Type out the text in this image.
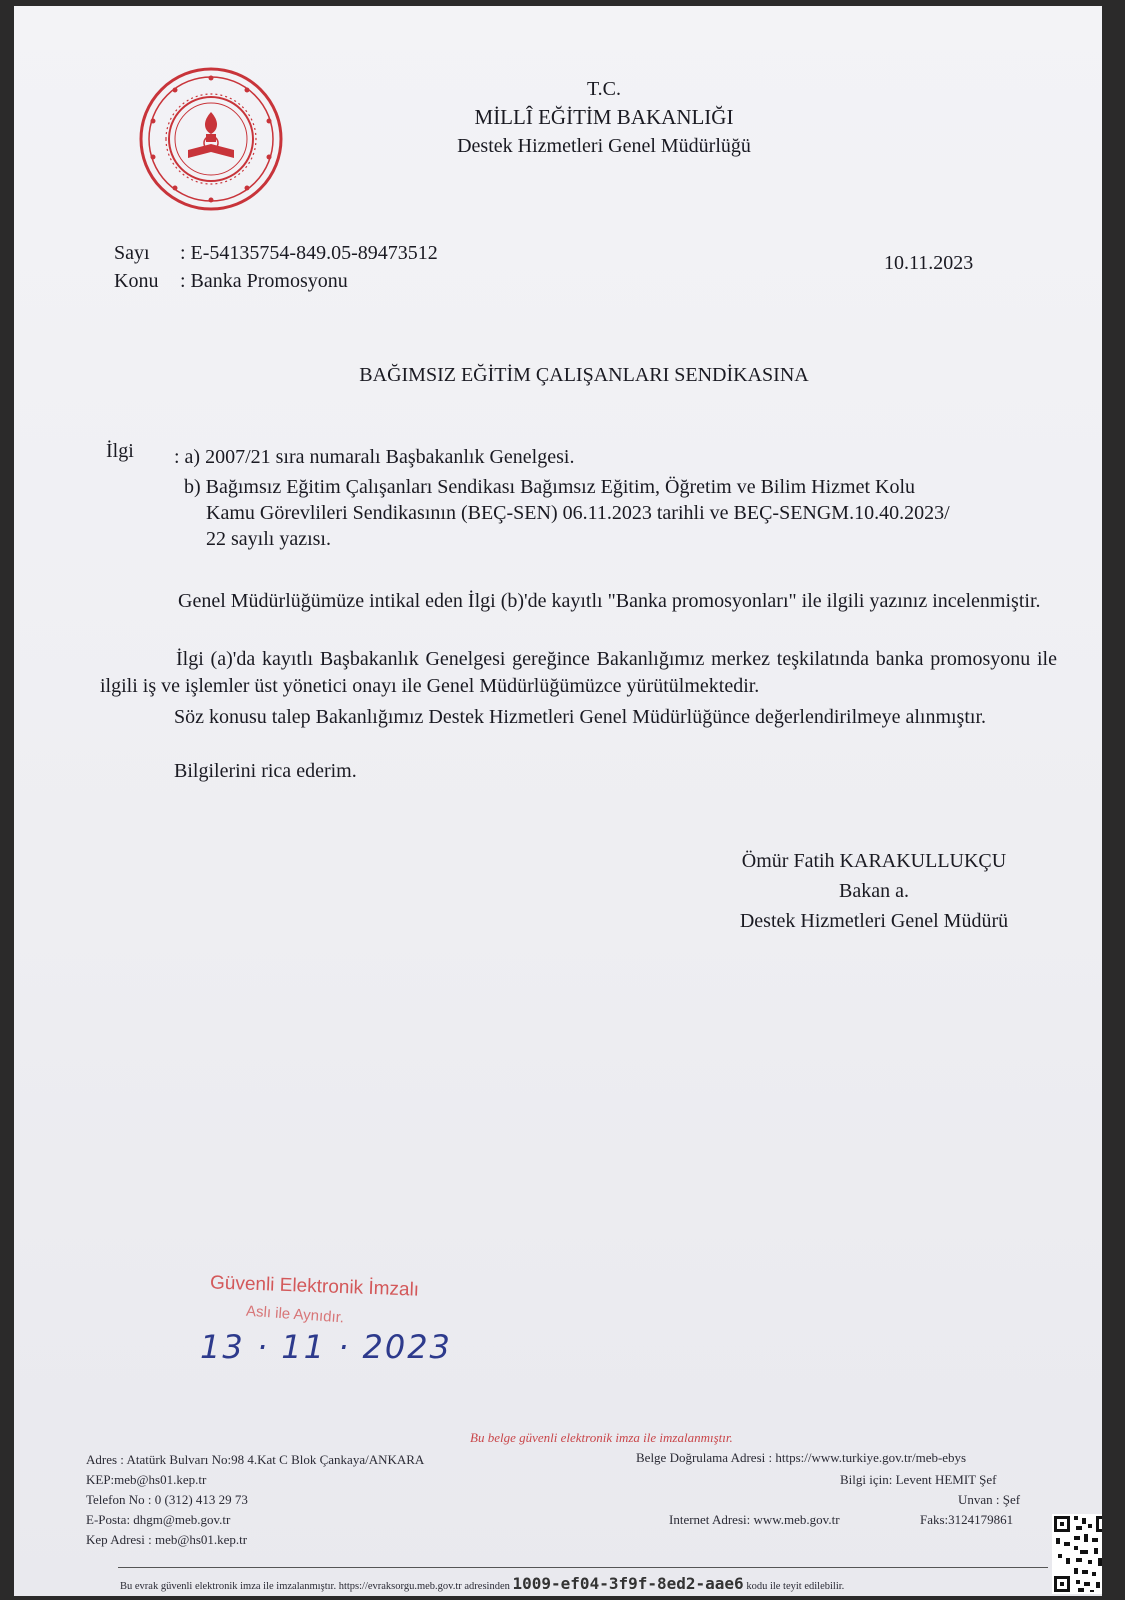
T.C.
MİLLÎ EĞİTİM BAKANLIĞI
Destek Hizmetleri Genel Müdürlüğü
Sayı : E-54135754-849.05-89473512
Konu : Banka Promosyonu
10.11.2023
BAĞIMSIZ EĞİTİM ÇALIŞANLARI SENDİKASINA
İlgi : a) 2007/21 sıra numaralı Başbakanlık Genelgesi.
b) Bağımsız Eğitim Çalışanları Sendikası Bağımsız Eğitim, Öğretim ve Bilim Hizmet Kolu
Kamu Görevlileri Sendikasının (BEÇ-SEN) 06.11.2023 tarihli ve BEÇ-SENGM.10.40.2023/
22 sayılı yazısı.
Genel Müdürlüğümüze intikal eden İlgi (b)'de kayıtlı "Banka promosyonları" ile ilgili yazınız incelenmiştir.
İlgi (a)'da kayıtlı Başbakanlık Genelgesi gereğince Bakanlığımız merkez teşkilatında banka promosyonu ile ilgili iş ve işlemler üst yönetici onayı ile Genel Müdürlüğümüzce yürütülmektedir.
Söz konusu talep Bakanlığımız Destek Hizmetleri Genel Müdürlüğünce değerlendirilmeye alınmıştır.
Bilgilerini rica ederim.
Ömür Fatih KARAKULLUKÇU
Bakan a.
Destek Hizmetleri Genel Müdürü
Güvenli Elektronik İmzalı
Aslı ile Aynıdır.
13 · 11 · 2023
Bu belge güvenli elektronik imza ile imzalanmıştır.
Adres : Atatürk Bulvarı No:98 4.Kat C Blok Çankaya/ANKARA
KEP:meb@hs01.kep.tr
Telefon No : 0 (312) 413 29 73
E-Posta: dhgm@meb.gov.tr
Kep Adresi : meb@hs01.kep.tr
Belge Doğrulama Adresi : https://www.turkiye.gov.tr/meb-ebys
Bilgi için: Levent HEMIT Şef
Unvan : Şef
Internet Adresi: www.meb.gov.tr	Faks:3124179861
Bu evrak güvenli elektronik imza ile imzalanmıştır. https://evraksorgu.meb.gov.tr adresinden 1009-ef04-3f9f-8ed2-aae6 kodu ile teyit edilebilir.
